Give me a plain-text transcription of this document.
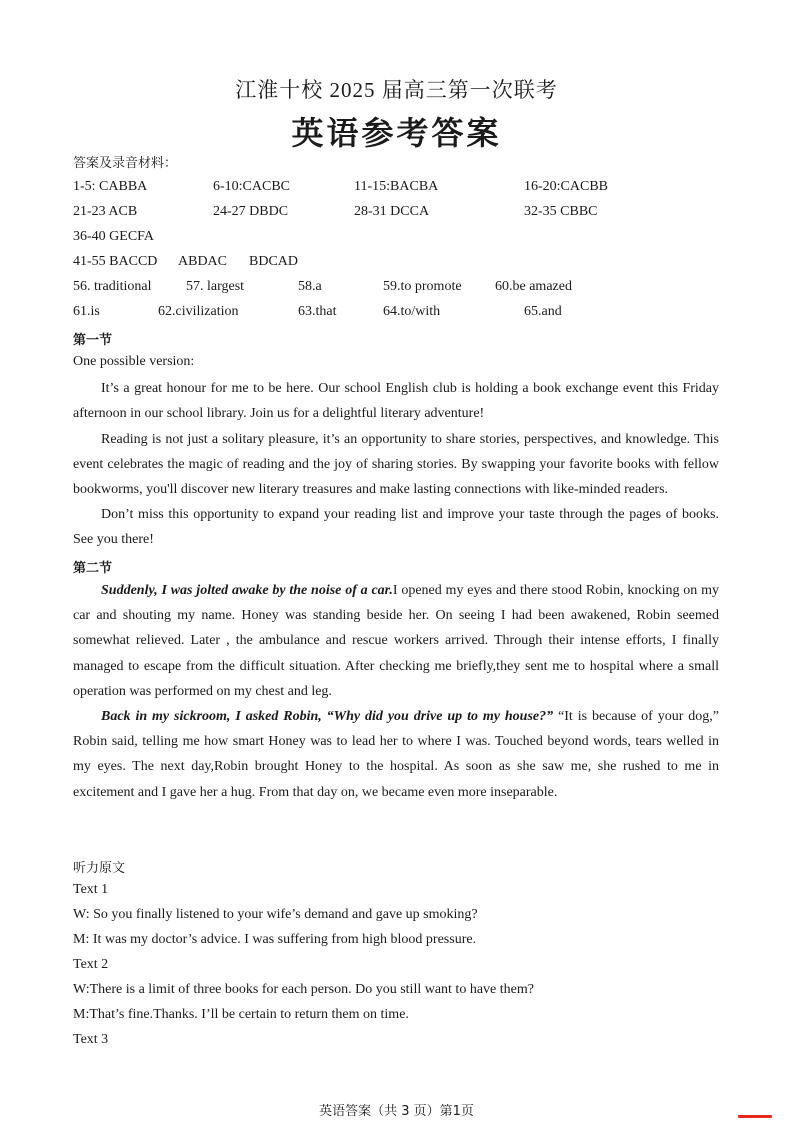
江淮十校 2025 届高三第一次联考
英语参考答案
答案及录音材料：
1-5: CABBA	6-10:CACBC	11-15:BACBA	16-20:CACBB
21-23 ACB	24-27 DBDC	28-31 DCCA	32-35 CBBC
36-40 GECFA
41-55 BACCD ABDAC BDCAD
56. traditional 57. largest	58.a	59.to promote 60.be amazed
61.is	62.civilization	63.that	64.to/with	65.and
第一节
One possible version:

It’s a great honour for me to be here. Our school English club is holding a book exchange event this Friday afternoon in our school library. Join us for a delightful literary adventure!

Reading is not just a solitary pleasure, it’s an opportunity to share stories, perspectives, and knowledge. This event celebrates the magic of reading and the joy of sharing stories. By swapping your favorite books with fellow bookworms, you'll discover new literary treasures and make lasting connections with like-minded readers.

Don’t miss this opportunity to expand your reading list and improve your taste through the pages of books. See you there!

第二节

Suddenly, I was jolted awake by the noise of a car.I opened my eyes and there stood Robin, knocking on my car and shouting my name. Honey was standing beside her. On seeing I had been awakened, Robin seemed somewhat relieved. Later , the ambulance and rescue workers arrived. Through their intense efforts, I finally managed to escape from the difficult situation. After checking me briefly,they sent me to hospital where a small operation was performed on my chest and leg.

Back in my sickroom, I asked Robin, “Why did you drive up to my house?” “It is because of your dog,” Robin said, telling me how smart Honey was to lead her to where I was. Touched beyond words, tears welled in my eyes. The next day,Robin brought Honey to the hospital. As soon as she saw me, she rushed to me in excitement and I gave her a hug. From that day on, we became even more inseparable.

听力原文
Text 1
W: So you finally listened to your wife’s demand and gave up smoking?
M: It was my doctor’s advice. I was suffering from high blood pressure.
Text 2
W:There is a limit of three books for each person. Do you still want to have them?
M:That’s fine.Thanks. I’ll be certain to return them on time.
Text 3
英语答案（共 3 页）第1页
